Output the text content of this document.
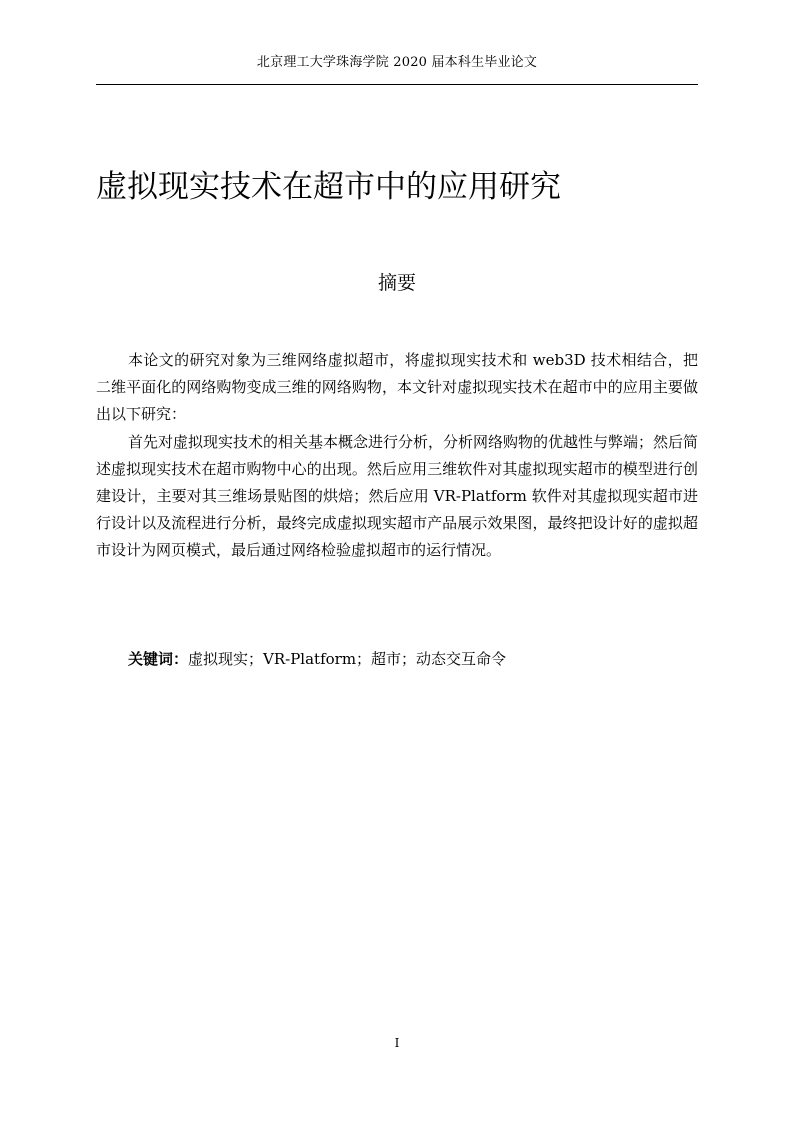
北京理工大学珠海学院 2020 届本科生毕业论文
虚拟现实技术在超市中的应用研究
摘要

本论文的研究对象为三维网络虚拟超市，将虚拟现实技术和 web3D 技术相结合，把二维平面化的网络购物变成三维的网络购物，本文针对虚拟现实技术在超市中的应用主要做出以下研究：

首先对虚拟现实技术的相关基本概念进行分析，分析网络购物的优越性与弊端；然后简述虚拟现实技术在超市购物中心的出现。然后应用三维软件对其虚拟现实超市的模型进行创建设计，主要对其三维场景贴图的烘焙；然后应用 VR-Platform 软件对其虚拟现实超市进行设计以及流程进行分析，最终完成虚拟现实超市产品展示效果图，最终把设计好的虚拟超市设计为网页模式，最后通过网络检验虚拟超市的运行情况。

关键词：虚拟现实；VR-Platform；超市；动态交互命令
I
